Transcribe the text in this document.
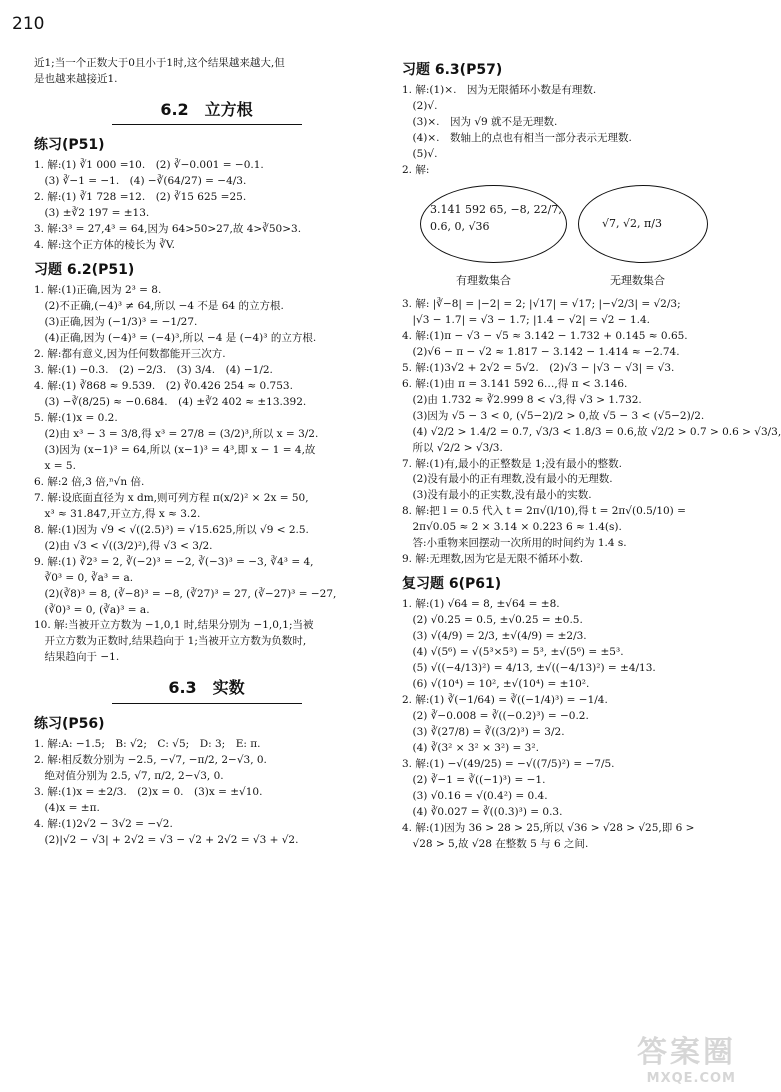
210
近1;当一个正数大于0且小于1时,这个结果越来越大,但
是也越来越接近1.
6.2　立方根
练习(P51)
1. 解:(1) ∛1 000 =10.　(2) ∛−0.001 = −0.1.
　(3) ∛−1 = −1.　(4) −∛(64/27) = −4/3.
2. 解:(1) ∛1 728 =12.　(2) ∛15 625 =25.
　(3) ±∛2 197 = ±13.
3. 解:3³ = 27,4³ = 64,因为 64>50>27,故 4>∛50>3.
4. 解:这个正方体的棱长为 ∛V.
习题 6.2(P51)
1. 解:(1)正确,因为 2³ = 8.
　(2)不正确,(−4)³ ≠ 64,所以 −4 不是 64 的立方根.
　(3)正确,因为 (−1/3)³ = −1/27.
　(4)正确,因为 (−4)³ = (−4)³,所以 −4 是 (−4)³ 的立方根.
2. 解:都有意义,因为任何数都能开三次方.
3. 解:(1) −0.3.　(2) −2/3.　(3) 3/4.　(4) −1/2.
4. 解:(1) ∛868 ≈ 9.539.　(2) ∛0.426 254 ≈ 0.753.
　(3) −∛(8/25) ≈ −0.684.　(4) ±∛2 402 ≈ ±13.392.
5. 解:(1)x = 0.2.
　(2)由 x³ − 3 = 3/8,得 x³ = 27/8 = (3/2)³,所以 x = 3/2.
　(3)因为 (x−1)³ = 64,所以 (x−1)³ = 4³,即 x − 1 = 4,故
　x = 5.
6. 解:2 倍,3 倍,ⁿ√n 倍.
7. 解:设底面直径为 x dm,则可列方程 π(x/2)² × 2x = 50,
　x³ ≈ 31.847,开立方,得 x ≈ 3.2.
8. 解:(1)因为 √9 < √((2.5)³) = √15.625,所以 √9 < 2.5.
　(2)由 √3 < √((3/2)²),得 √3 < 3/2.
9. 解:(1) ∛2³ = 2, ∛(−2)³ = −2, ∛(−3)³ = −3, ∛4³ = 4,
　∛0³ = 0, ∛a³ = a.
　(2)(∛8)³ = 8, (∛−8)³ = −8, (∛27)³ = 27, (∛−27)³ = −27,
　(∛0)³ = 0, (∛a)³ = a.
10. 解:当被开立方数为 −1,0,1 时,结果分别为 −1,0,1;当被
　开立方数为正数时,结果趋向于 1;当被开立方数为负数时,
　结果趋向于 −1.
6.3　实数
练习(P56)
1. 解:A: −1.5;　B: √2;　C: √5;　D: 3;　E: π.
2. 解:相反数分别为 −2.5, −√7, −π/2, 2−√3, 0.
　绝对值分别为 2.5, √7, π/2, 2−√3, 0.
3. 解:(1)x = ±2/3.　(2)x = 0.　(3)x = ±√10.
　(4)x = ±π.
4. 解:(1)2√2 − 3√2 = −√2.
　(2)|√2 − √3| + 2√2 = √3 − √2 + 2√2 = √3 + √2.
习题 6.3(P57)
1. 解:(1)×.　因为无限循环小数是有理数.
　(2)√.
　(3)×.　因为 √9 就不是无理数.
　(4)×.　数轴上的点也有相当一部分表示无理数.
　(5)√.
2. 解:
3.141 592 65, −8, 22/7,
0.6, 0, √36	√7, √2, π/3
有理数集合	无理数集合
3. 解: |∛−8| = |−2| = 2; |√17| = √17; |−√2/3| = √2/3;
　|√3 − 1.7| = √3 − 1.7; |1.4 − √2| = √2 − 1.4.
4. 解:(1)π − √3 − √5 ≈ 3.142 − 1.732 + 0.145 ≈ 0.65.
　(2)√6 − π − √2 ≈ 1.817 − 3.142 − 1.414 ≈ −2.74.
5. 解:(1)3√2 + 2√2 = 5√2.　(2)√3 − |√3 − √3| = √3.
6. 解:(1)由 π = 3.141 592 6…,得 π < 3.146.
　(2)由 1.732 ≈ ∛2.999 8 < √3,得 √3 > 1.732.
　(3)因为 √5 − 3 < 0, (√5−2)/2 > 0,故 √5 − 3 < (√5−2)/2.
　(4) √2/2 > 1.4/2 = 0.7, √3/3 < 1.8/3 = 0.6,故 √2/2 > 0.7 > 0.6 > √3/3,
　所以 √2/2 > √3/3.
7. 解:(1)有,最小的正整数是 1;没有最小的整数.
　(2)没有最小的正有理数,没有最小的无理数.
　(3)没有最小的正实数,没有最小的实数.
8. 解:把 l = 0.5 代入 t = 2π√(l/10),得 t = 2π√(0.5/10) =
　2π√0.05 ≈ 2 × 3.14 × 0.223 6 ≈ 1.4(s).
　答:小重物来回摆动一次所用的时间约为 1.4 s.
9. 解:无理数,因为它是无限不循环小数.
复习题 6(P61)
1. 解:(1) √64 = 8, ±√64 = ±8.
　(2) √0.25 = 0.5, ±√0.25 = ±0.5.
　(3) √(4/9) = 2/3, ±√(4/9) = ±2/3.
　(4) √(5⁶) = √(5³×5³) = 5³, ±√(5⁶) = ±5³.
　(5) √((−4/13)²) = 4/13, ±√((−4/13)²) = ±4/13.
　(6) √(10⁴) = 10², ±√(10⁴) = ±10².
2. 解:(1) ∛(−1/64) = ∛((−1/4)³) = −1/4.
　(2) ∛−0.008 = ∛((−0.2)³) = −0.2.
　(3) ∛(27/8) = ∛((3/2)³) = 3/2.
　(4) ∛(3² × 3² × 3²) = 3².
3. 解:(1) −√(49/25) = −√((7/5)²) = −7/5.
　(2) ∛−1 = ∛((−1)³) = −1.
　(3) √0.16 = √(0.4²) = 0.4.
　(4) ∛0.027 = ∛((0.3)³) = 0.3.
4. 解:(1)因为 36 > 28 > 25,所以 √36 > √28 > √25,即 6 >
　√28 > 5,故 √28 在整数 5 与 6 之间.
答案圈
MXQE.COM
